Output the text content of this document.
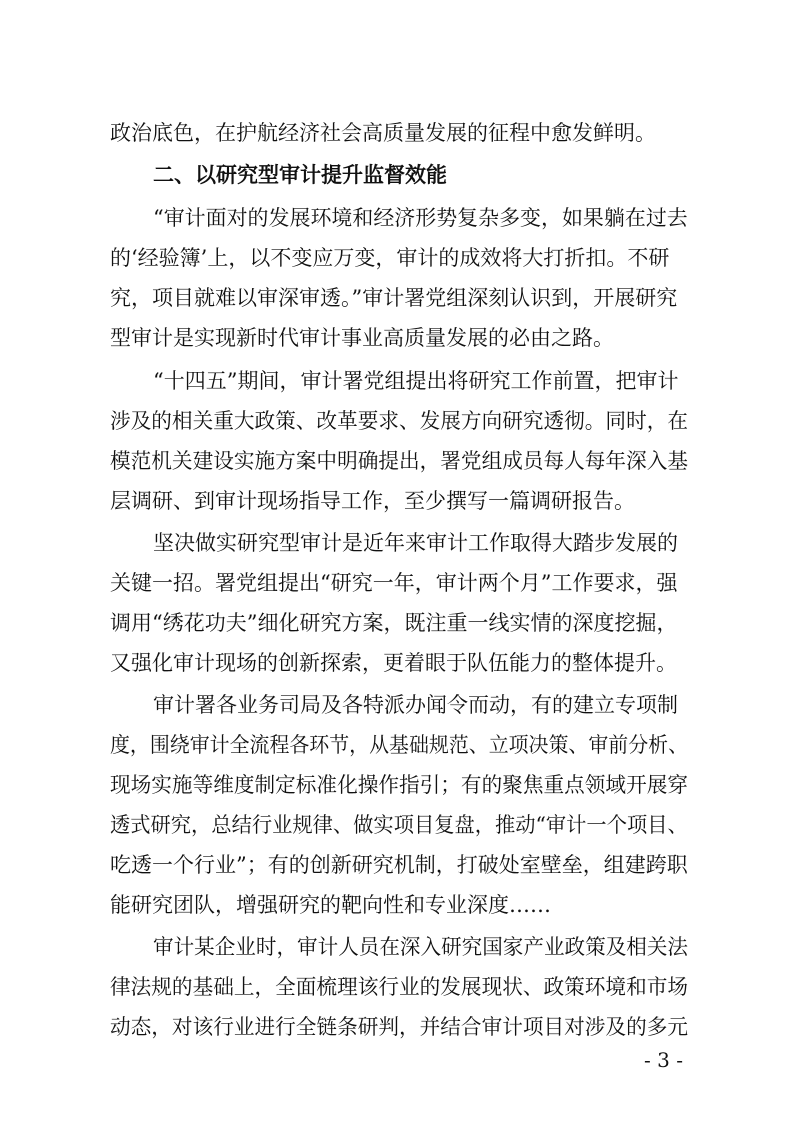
政治底色，在护航经济社会高质量发展的征程中愈发鲜明。
二、以研究型审计提升监督效能
“审计面对的发展环境和经济形势复杂多变，如果躺在过去
的‘经验簿’上，以不变应万变，审计的成效将大打折扣。不研
究，项目就难以审深审透。”审计署党组深刻认识到，开展研究
型审计是实现新时代审计事业高质量发展的必由之路。
“十四五”期间，审计署党组提出将研究工作前置，把审计
涉及的相关重大政策、改革要求、发展方向研究透彻。同时，在
模范机关建设实施方案中明确提出，署党组成员每人每年深入基
层调研、到审计现场指导工作，至少撰写一篇调研报告。
坚决做实研究型审计是近年来审计工作取得大踏步发展的
关键一招。署党组提出“研究一年，审计两个月”工作要求，强
调用“绣花功夫”细化研究方案，既注重一线实情的深度挖掘，
又强化审计现场的创新探索，更着眼于队伍能力的整体提升。
审计署各业务司局及各特派办闻令而动，有的建立专项制
度，围绕审计全流程各环节，从基础规范、立项决策、审前分析、
现场实施等维度制定标准化操作指引；有的聚焦重点领域开展穿
透式研究，总结行业规律、做实项目复盘，推动“审计一个项目、
吃透一个行业”；有的创新研究机制，打破处室壁垒，组建跨职
能研究团队，增强研究的靶向性和专业深度……
审计某企业时，审计人员在深入研究国家产业政策及相关法
律法规的基础上，全面梳理该行业的发展现状、政策环境和市场
动态，对该行业进行全链条研判，并结合审计项目对涉及的多元
- 3 -
